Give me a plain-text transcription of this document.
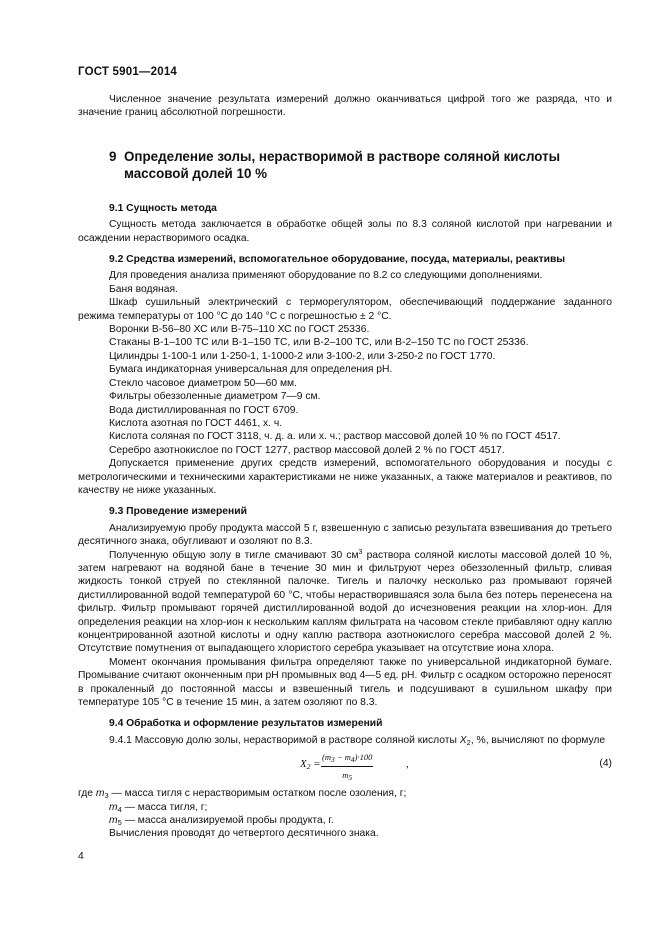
ГОСТ 5901—2014

Численное значение результата измерений должно оканчиваться цифрой того же разряда, что и значение границ абсолютной погрешности.

9 Определение золы, нерастворимой в растворе соляной кислоты массовой долей 10 %

9.1 Сущность метода

Сущность метода заключается в обработке общей золы по 8.3 соляной кислотой при нагревании и осаждении нерастворимого осадка.

9.2 Средства измерений, вспомогательное оборудование, посуда, материалы, реактивы

Для проведения анализа применяют оборудование по 8.2 со следующими дополнениями.

Баня водяная.

Шкаф сушильный электрический с терморегулятором, обеспечивающий поддержание заданного режима температуры от 100 °С до 140 °С с погрешностью ± 2 °С.

Воронки В-56–80 ХС или В-75–110 ХС по ГОСТ 25336.

Стаканы В-1–100 ТС или В-1–150 ТС, или В-2–100 ТС, или В-2–150 ТС по ГОСТ 25336.

Цилиндры 1-100-1 или 1-250-1, 1-1000-2 или 3-100-2, или 3-250-2 по ГОСТ 1770.

Бумага индикаторная универсальная для определения рН.

Стекло часовое диаметром 50—60 мм.

Фильтры обеззоленные диаметром 7—9 см.

Вода дистиллированная по ГОСТ 6709.

Кислота азотная по ГОСТ 4461, х. ч.

Кислота соляная по ГОСТ 3118, ч. д. а. или х. ч.; раствор массовой долей 10 % по ГОСТ 4517.

Серебро азотнокислое по ГОСТ 1277, раствор массовой долей 2 % по ГОСТ 4517.

Допускается применение других средств измерений, вспомогательного оборудования и посуды с метрологическими и техническими характеристиками не ниже указанных, а также материалов и реактивов, по качеству не ниже указанных.

9.3 Проведение измерений

Анализируемую пробу продукта массой 5 г, взвешенную с записью результата взвешивания до третьего десятичного знака, обугливают и озоляют по 8.3.

Полученную общую золу в тигле смачивают 30 $см^3$ раствора соляной кислоты массовой долей 10 %, затем нагревают на водяной бане в течение 30 мин и фильтруют через обеззоленный фильтр, сливая жидкость тонкой струей по стеклянной палочке. Тигель и палочку несколько раз промывают горячей дистиллированной водой температурой 60 °С, чтобы нерастворившаяся зола была без потерь перенесена на фильтр. Фильтр промывают горячей дистиллированной водой до исчезновения реакции на хлор-ион. Для определения реакции на хлор-ион к нескольким каплям фильтрата на часовом стекле прибавляют одну каплю концентрированной азотной кислоты и одну каплю раствора азотнокислого серебра массовой долей 2 %. Отсутствие помутнения от выпадающего хлористого серебра указывает на отсутствие иона хлора.

Момент окончания промывания фильтра определяют также по универсальной индикаторной бумаге. Промывание считают оконченным при рН промывных вод 4—5 ед. рН. Фильтр с осадком осторожно переносят в прокаленный до постоянной массы и взвешенный тигель и подсушивают в сушильном шкафу при температуре 105 °С в течение 15 мин, а затем озоляют по 8.3.

9.4 Обработка и оформление результатов измерений

9.4.1 Массовую долю золы, нерастворимой в растворе соляной кислоты $X_2$, %, вычисляют по формуле

$X_2 = \frac{(m_3 - m_4)\cdot 100}{m_5}$	,	(4)
где $m_3$ — масса тигля с нерастворимым остатком после озоления, г;
$m_4$ — масса тигля, г;
$m_5$ — масса анализируемой пробы продукта, г.

Вычисления проводят до четвертого десятичного знака.

4
